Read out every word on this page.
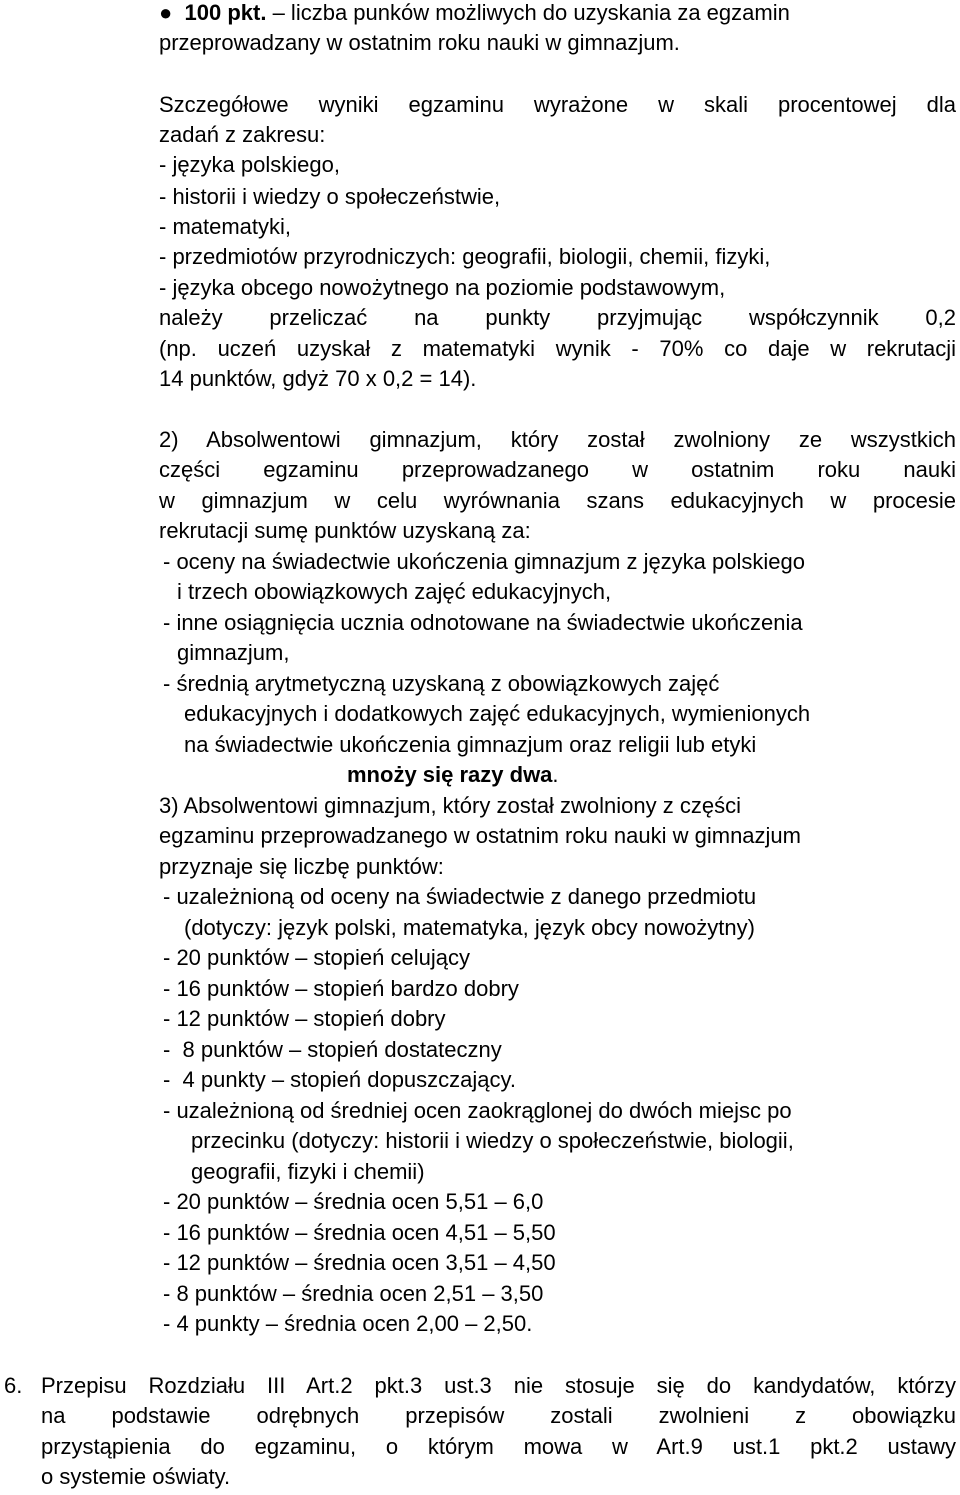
● 100 pkt. – liczba punków możliwych do uzyskania za egzamin
przeprowadzany w ostatnim roku nauki w gimnazjum.
Szczegółowe wyniki egzaminu wyrażone w skali procentowej dla
zadań z zakresu:
- języka polskiego,
- historii i wiedzy o społeczeństwie,
- matematyki,
- przedmiotów przyrodniczych: geografii, biologii, chemii, fizyki,
- języka obcego nowożytnego na poziomie podstawowym,
należy przeliczać na punkty przyjmując współczynnik 0,2
(np. uczeń uzyskał z matematyki wynik - 70% co daje w rekrutacji
14 punktów, gdyż 70 x 0,2 = 14).
2) Absolwentowi gimnazjum, który został zwolniony ze wszystkich
części egzaminu przeprowadzanego w ostatnim roku nauki
w gimnazjum w celu wyrównania szans edukacyjnych w procesie
rekrutacji sumę punktów uzyskaną za:
- oceny na świadectwie ukończenia gimnazjum z języka polskiego
i trzech obowiązkowych zajęć edukacyjnych,
- inne osiągnięcia ucznia odnotowane na świadectwie ukończenia
gimnazjum,
- średnią arytmetyczną uzyskaną z obowiązkowych zajęć
edukacyjnych i dodatkowych zajęć edukacyjnych, wymienionych
na świadectwie ukończenia gimnazjum oraz religii lub etyki
mnoży się razy dwa.
3) Absolwentowi gimnazjum, który został zwolniony z części
egzaminu przeprowadzanego w ostatnim roku nauki w gimnazjum
przyznaje się liczbę punktów:
- uzależnioną od oceny na świadectwie z danego przedmiotu
(dotyczy: język polski, matematyka, język obcy nowożytny)
- 20 punktów – stopień celujący
- 16 punktów – stopień bardzo dobry
- 12 punktów – stopień dobry
-  8 punktów – stopień dostateczny
-  4 punkty – stopień dopuszczający.
- uzależnioną od średniej ocen zaokrąglonej do dwóch miejsc po
przecinku (dotyczy: historii i wiedzy o społeczeństwie, biologii,
geografii, fizyki i chemii)
- 20 punktów – średnia ocen 5,51 – 6,0
- 16 punktów – średnia ocen 4,51 – 5,50
- 12 punktów – średnia ocen 3,51 – 4,50
- 8 punktów – średnia ocen 2,51 – 3,50
- 4 punkty – średnia ocen 2,00 – 2,50.
6. Przepisu Rozdziału III Art.2 pkt.3 ust.3 nie stosuje się do kandydatów, którzy
na podstawie odrębnych przepisów zostali zwolnieni z obowiązku
przystąpienia do egzaminu, o którym mowa w Art.9 ust.1 pkt.2 ustawy
o systemie oświaty.
